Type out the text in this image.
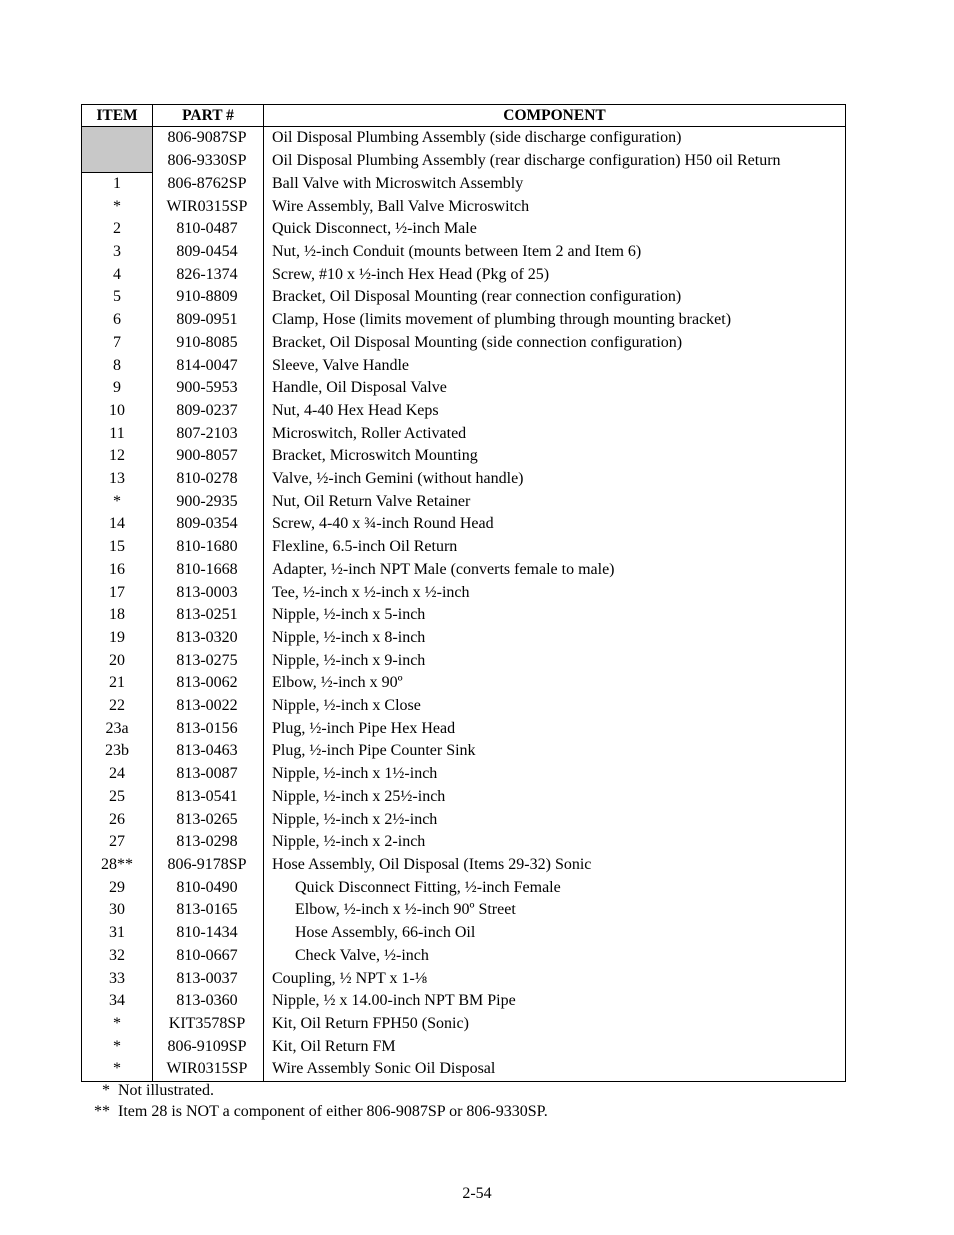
ITEM	PART #	COMPONENT
	806-9087SP	Oil Disposal Plumbing Assembly (side discharge configuration)
	806-9330SP	Oil Disposal Plumbing Assembly (rear discharge configuration) H50 oil Return
1	806-8762SP	Ball Valve with Microswitch Assembly
*	WIR0315SP	Wire Assembly, Ball Valve Microswitch
2	810-0487	Quick Disconnect, ½-inch Male
3	809-0454	Nut, ½-inch Conduit (mounts between Item 2 and Item 6)
4	826-1374	Screw, #10 x ½-inch Hex Head (Pkg of 25)
5	910-8809	Bracket, Oil Disposal Mounting (rear connection configuration)
6	809-0951	Clamp, Hose (limits movement of plumbing through mounting bracket)
7	910-8085	Bracket, Oil Disposal Mounting (side connection configuration)
8	814-0047	Sleeve, Valve Handle
9	900-5953	Handle, Oil Disposal Valve
10	809-0237	Nut, 4-40 Hex Head Keps
11	807-2103	Microswitch, Roller Activated
12	900-8057	Bracket, Microswitch Mounting
13	810-0278	Valve, ½-inch Gemini (without handle)
*	900-2935	Nut, Oil Return Valve Retainer
14	809-0354	Screw, 4-40 x ¾-inch Round Head
15	810-1680	Flexline, 6.5-inch Oil Return
16	810-1668	Adapter, ½-inch NPT Male (converts female to male)
17	813-0003	Tee, ½-inch x ½-inch x ½-inch
18	813-0251	Nipple, ½-inch x 5-inch
19	813-0320	Nipple, ½-inch x 8-inch
20	813-0275	Nipple, ½-inch x 9-inch
21	813-0062	Elbow, ½-inch x 90º
22	813-0022	Nipple, ½-inch x Close
23a	813-0156	Plug, ½-inch Pipe Hex Head
23b	813-0463	Plug, ½-inch Pipe Counter Sink
24	813-0087	Nipple, ½-inch x 1½-inch
25	813-0541	Nipple, ½-inch x 25½-inch
26	813-0265	Nipple, ½-inch x 2½-inch
27	813-0298	Nipple, ½-inch x 2-inch
28**	806-9178SP	Hose Assembly, Oil Disposal (Items 29-32) Sonic
29	810-0490	Quick Disconnect Fitting, ½-inch Female
30	813-0165	Elbow, ½-inch x ½-inch 90º Street
31	810-1434	Hose Assembly, 66-inch Oil
32	810-0667	Check Valve, ½-inch
33	813-0037	Coupling, ½ NPT x 1-⅛
34	813-0360	Nipple, ½ x 14.00-inch NPT BM Pipe
*	KIT3578SP	Kit, Oil Return FPH50 (Sonic)
*	806-9109SP	Kit, Oil Return FM
*	WIR0315SP	Wire Assembly Sonic Oil Disposal
*  Not illustrated.
**  Item 28 is NOT a component of either 806-9087SP or 806-9330SP.
2-54
